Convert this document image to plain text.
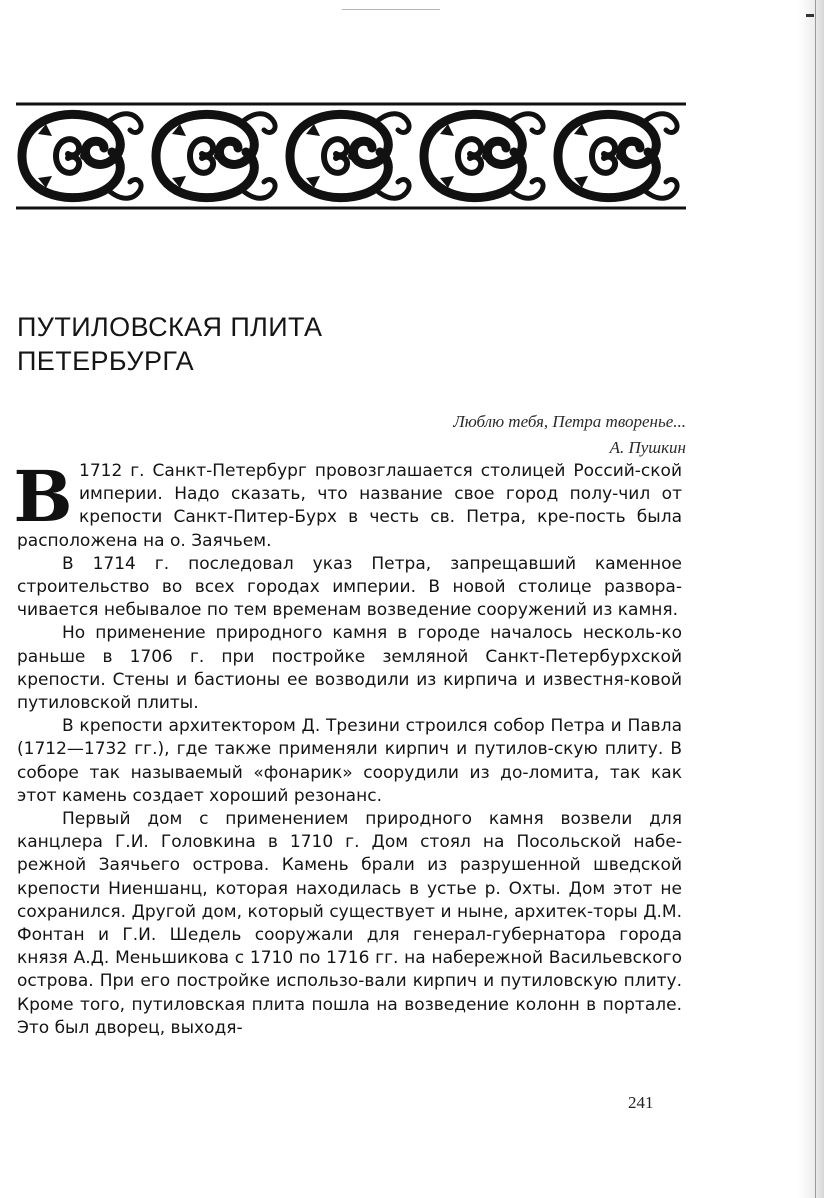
ПУТИЛОВСКАЯ ПЛИТА
ПЕТЕРБУРГА
Люблю тебя, Петра творенье...
А. Пушкин

В 1712 г. Санкт-Петербург провозглашается столицей Россий-ской империи. Надо сказать, что название свое город полу-чил от крепости Санкт-Питер-Бурх в честь св. Петра, кре-пость была расположена на о. Заячьем.

В 1714 г. последовал указ Петра, запрещавший каменное строительство во всех городах империи. В новой столице развора-чивается небывалое по тем временам возведение сооружений из камня.

Но применение природного камня в городе началось несколь-ко раньше в 1706 г. при постройке земляной Санкт-Петербурхской крепости. Стены и бастионы ее возводили из кирпича и известня-ковой путиловской плиты.

В крепости архитектором Д. Трезини строился собор Петра и Павла (1712—1732 гг.), где также применяли кирпич и путилов-скую плиту. В соборе так называемый «фонарик» соорудили из до-ломита, так как этот камень создает хороший резонанс.

Первый дом с применением природного камня возвели для канцлера Г.И. Головкина в 1710 г. Дом стоял на Посольской набе-режной Заячьего острова. Камень брали из разрушенной шведской крепости Ниеншанц, которая находилась в устье р. Охты. Дом этот не сохранился. Другой дом, который существует и ныне, архитек-торы Д.М. Фонтан и Г.И. Шедель сооружали для генерал-губернатора города князя А.Д. Меньшикова с 1710 по 1716 гг. на набережной Васильевского острова. При его постройке использо-вали кирпич и путиловскую плиту. Кроме того, путиловская плита пошла на возведение колонн в портале. Это был дворец, выходя-

241
